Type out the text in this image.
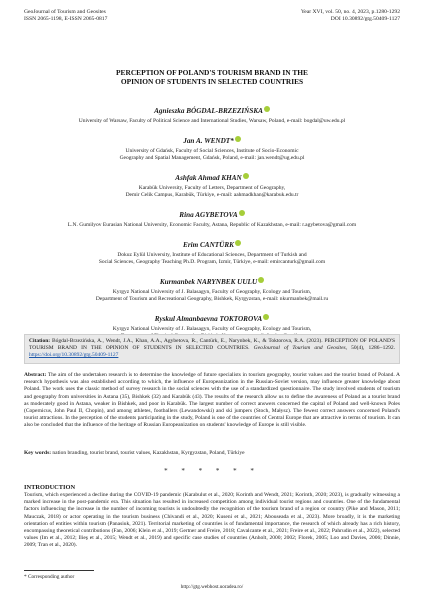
GeoJournal of Tourism and Geosites
ISSN 2065-1198, E-ISSN 2065-0817
Year XVI, vol. 50, no. 4, 2023, p.1280-1292
DOI 10.30892/gtg.50409-1127
PERCEPTION OF POLAND'S TOURISM BRAND IN THE
OPINION OF STUDENTS IN SELECTED COUNTRIES
Agnieszka BÓGDAL-BRZEZIŃSKA
University of Warsaw, Faculty of Political Science and International Studies, Warsaw, Poland, e-mail: bogdal@uw.edu.pl
Jan A. WENDT*
University of Gdańsk, Faculty of Social Sciences, Institute of Socio-Economic
Geography and Spatial Management, Gdańsk, Poland, e-mail: jan.wendt@ug.edu.pl
Ashfak Ahmad KHAN
Karabük University, Faculty of Letters, Department of Geography,
Demir Celik Campus, Karabük, Türkiye, e-mail: aahmadkhan@karabuk.edu.tr
Rina AGYBETOVA
L.N. Gumilyov Eurasian National University, Economic Faculty, Astana, Republic of Kazakhstan, e-mail: r.agybetova@gmail.com
Erim CANTÜRK
Dokuz Eylül University, Institute of Educational Sciences, Department of Turkish and
Social Sciences, Geography Teaching Ph.D. Program, Izmir, Türkiye, e-mail: emircanturk@gmail.com
Kurmanbek NARYNBEK UULU
Kyrgyz National University of J. Balasagyn, Faculty of Geography, Ecology and Tourism,
Department of Tourism and Recreational Geography, Bishkek, Kyrgyzstan, e-mail: nkurmanbek@mail.ru
Ryskul Almanbaevna TOKTOROVA
Kyrgyz National University of J. Balasagyn, Faculty of Geography, Ecology and Tourism,
Citation: Bógdal-Brzezińska, A., Wendt, J.A., Khan, A.A., Agybetova, R., Cantürk, E., Narynbek, K., & Toktorova, R.A. (2023). PERCEPTION OF POLAND'S TOURISM BRAND IN THE OPINION OF STUDENTS IN SELECTED COUNTRIES. GeoJournal of Tourism and Geosites, 50(4), 1286−1292. https://doi.org/10.30892/gtg.50409-1127
Abstract: The aim of the undertaken research is to determine the knowledge of future specialists in tourism geography, tourist values and the tourist brand of Poland. A research hypothesis was also established according to which, the influence of Europeanization in the Russian-Soviet version, may influence greater knowledge about Poland. The work uses the classic method of survey research in the social sciences with the use of a standardized questionnaire. The study involved students of tourism and geography from universities in Astana (35), Bishkek (32) and Karabük (43). The results of the research allow us to define the awareness of Poland as a tourist brand as moderately good in Astana, weaker in Bishkek, and poor in Karabük. The largest number of correct answers concerned the capital of Poland and well-known Poles (Copernicus, John Paul II, Chopin), and among athletes, footballers (Lewandowski) and ski jumpers (Stoch, Małysz). The fewest correct answers concerned Poland's tourist attractions. In the perception of the students participating in the study, Poland is one of the countries of Central Europe that are attractive in terms of tourism. It can also be concluded that the influence of the heritage of Russian Europeanization on students' knowledge of Europe is still visible.
Key words: nation branding, tourist brand, tourist values, Kazakhstan, Kyrgyzstan, Poland, Türkiye
* * * * * *
INTRODUCTION
Tourism, which experienced a decline during the COVID-19 pandemic (Karabulut et al., 2020; Korinth and Wendt, 2021; Korinth, 2020; 2023), is gradually witnessing a marked increase in the post-pandemic era. This situation has resulted in increased competition among individual tourist regions and countries. One of the fundamental factors influencing the increase in the number of incoming tourists is undoubtedly the recognition of the tourism brand of a region or country (Pike and Mason, 2011; Mauczak, 2018) or actor operating in the tourism business (Chivandi et al., 2020; Kuseni et al., 2021; Abouseada et al., 2023). More broadly, it is the marketing orientation of entities within tourism (Panasiuk, 2021). Territorial marketing of countries is of fundamental importance, the research of which already has a rich history, encompassing theoretical contributions (Fan, 2006; Klein et al., 2019; Gertner and Freire, 2018; Cavalcante et al., 2021; Freire et al., 2022; Pahrudin et al., 2022), selected values (Im et al., 2012; Ilieş et al., 2015; Wendt et al., 2019) and specific case studies of countries (Anholt, 2000; 2002; Florek, 2005; Loo and Davies, 2006; Dinnie, 2009; Tran et al., 2020).
* Corresponding author
http://gtg.webhost.uoradea.ro/
